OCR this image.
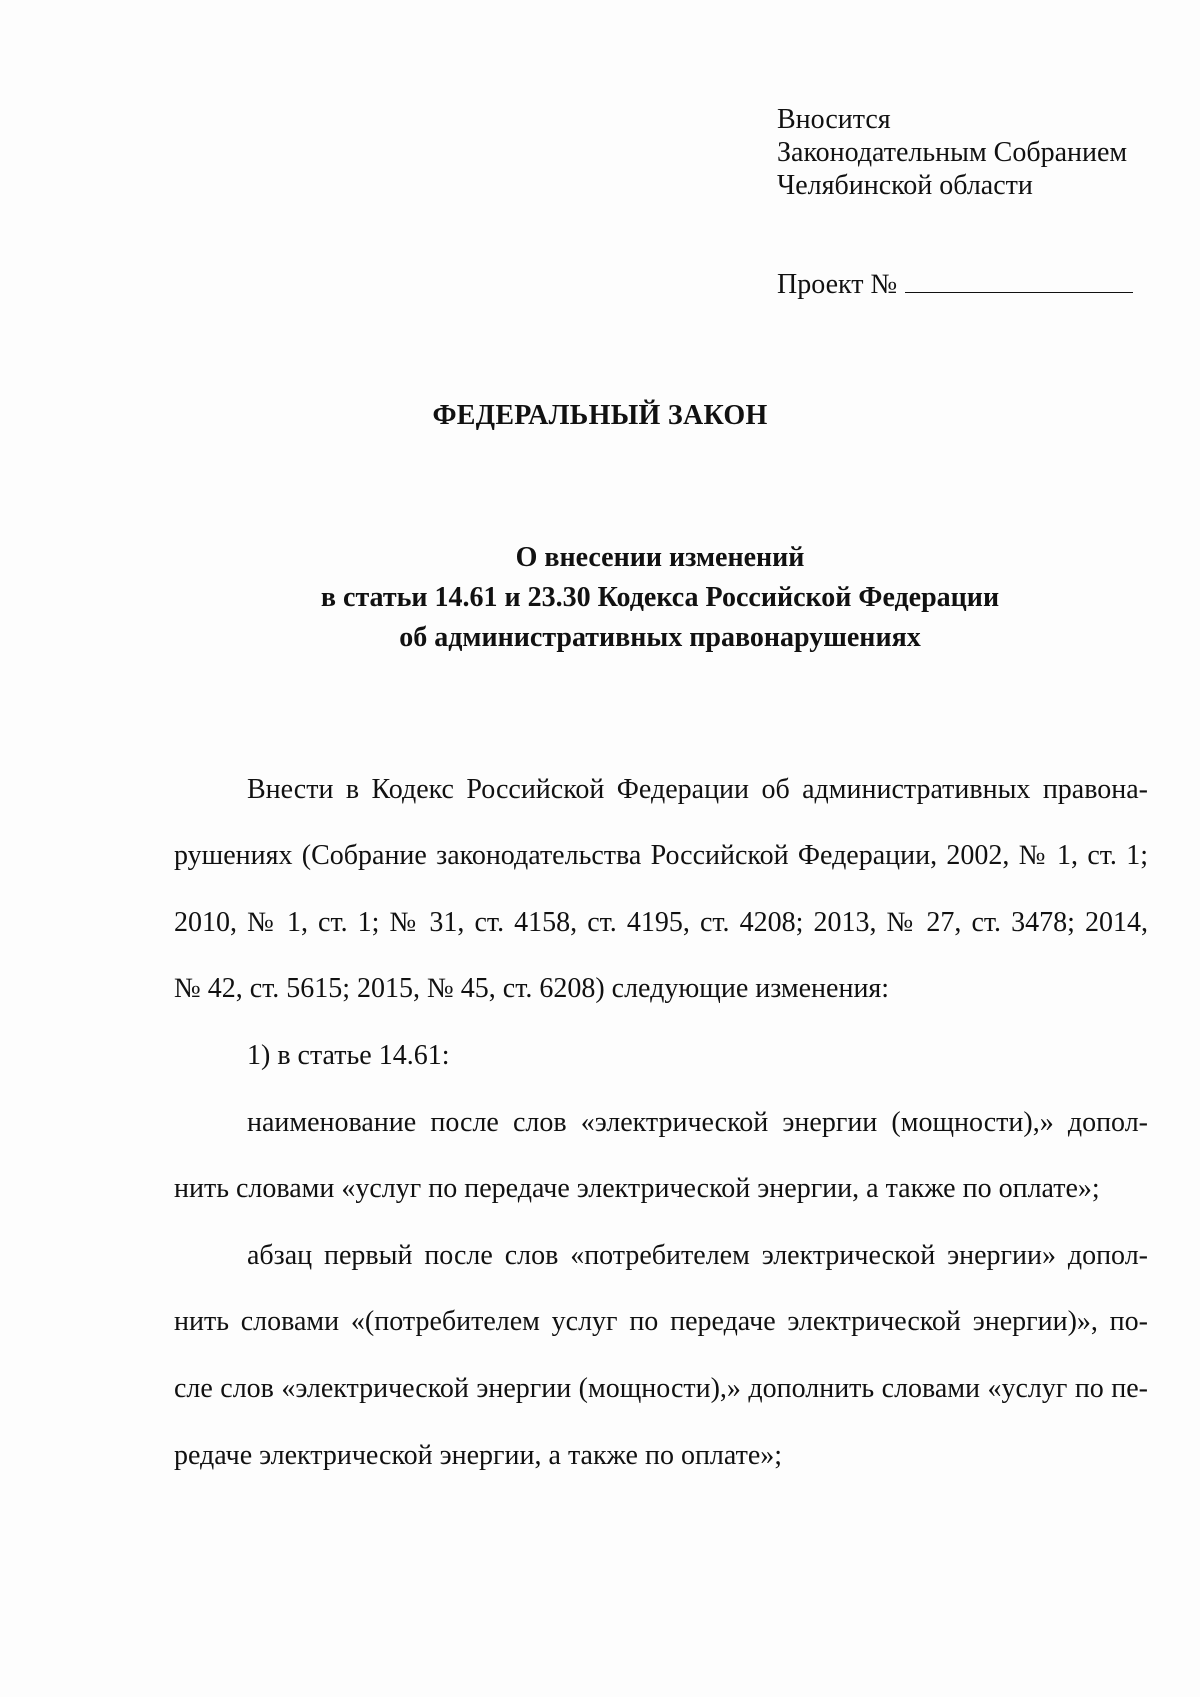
Вносится
Законодательным Собранием
Челябинской области
Проект №
ФЕДЕРАЛЬНЫЙ ЗАКОН
О внесении изменений
в статьи 14.61 и 23.30 Кодекса Российской Федерации
об административных правонарушениях
Внести в Кодекс Российской Федерации об административных правона-
рушениях (Собрание законодательства Российской Федерации, 2002, № 1, ст. 1;
2010, № 1, ст. 1; № 31, ст. 4158, ст. 4195, ст. 4208; 2013, № 27, ст. 3478; 2014,
№ 42, ст. 5615; 2015, № 45, ст. 6208) следующие изменения:
1) в статье 14.61:
наименование после слов «электрической энергии (мощности),» допол-
нить словами «услуг по передаче электрической энергии, а также по оплате»;
абзац первый после слов «потребителем электрической энергии» допол-
нить словами «(потребителем услуг по передаче электрической энергии)», по-
сле слов «электрической энергии (мощности),» дополнить словами «услуг по пе-
редаче электрической энергии, а также по оплате»;
